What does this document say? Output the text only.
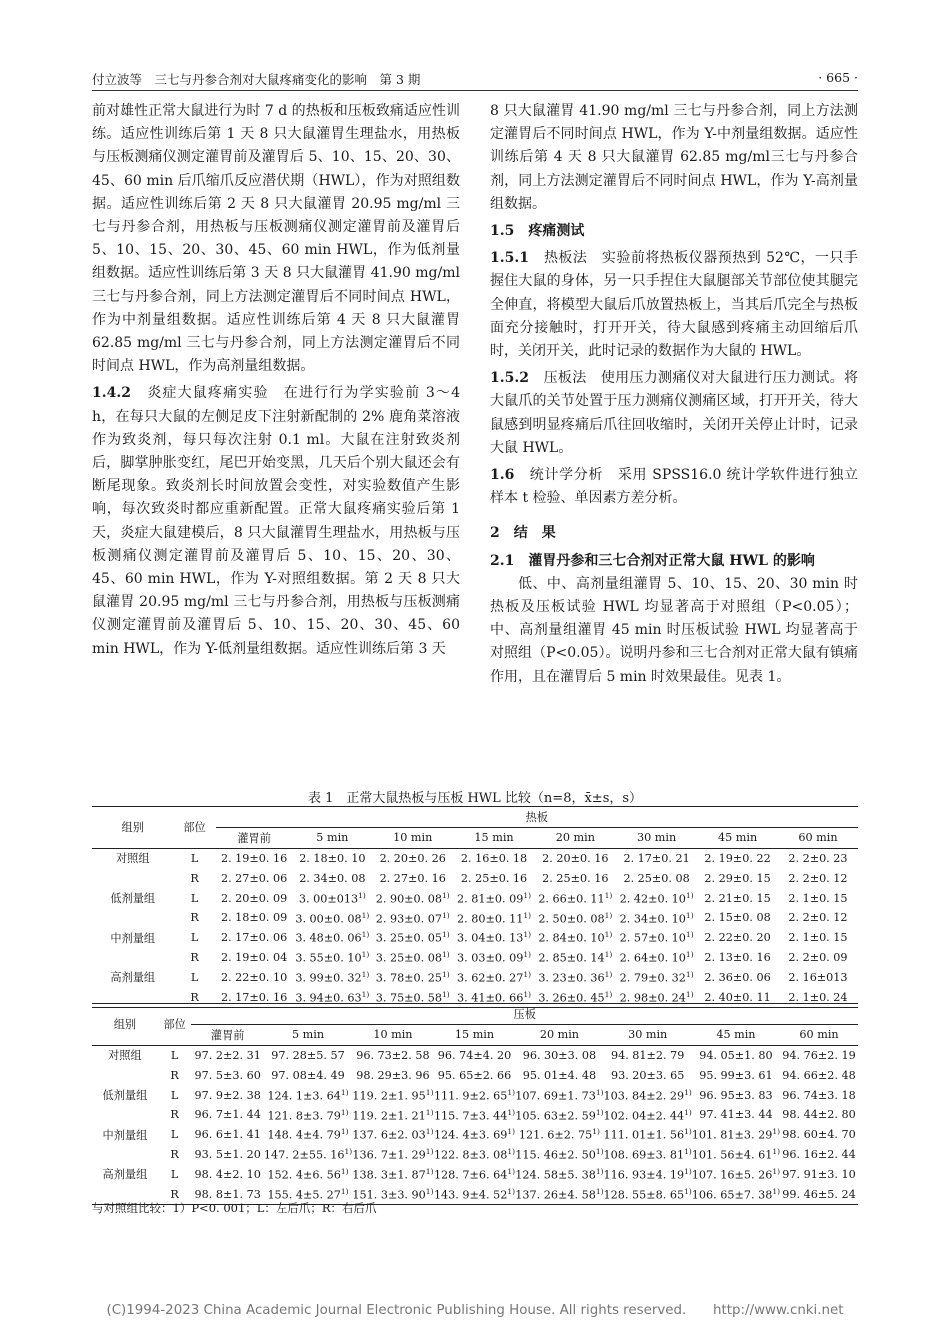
付立波等　三七与丹参合剂对大鼠疼痛变化的影响　第 3 期	· 665 ·

前对雄性正常大鼠进行为时 7 d 的热板和压板致痛适应性训练。适应性训练后第 1 天 8 只大鼠灌胃生理盐水，用热板与压板测痛仪测定灌胃前及灌胃后 5、10、15、20、30、45、60 min 后爪缩爪反应潜伏期（HWL），作为对照组数据。适应性训练后第 2 天 8 只大鼠灌胃 20.95 mg/ml 三七与丹参合剂，用热板与压板测痛仪测定灌胃前及灌胃后 5、10、15、20、30、45、60 min HWL，作为低剂量组数据。适应性训练后第 3 天 8 只大鼠灌胃 41.90 mg/ml 三七与丹参合剂，同上方法测定灌胃后不同时间点 HWL，作为中剂量组数据。适应性训练后第 4 天 8 只大鼠灌胃 62.85 mg/ml 三七与丹参合剂，同上方法测定灌胃后不同时间点 HWL，作为高剂量组数据。

1.4.2　炎症大鼠疼痛实验　在进行行为学实验前 3～4 h，在每只大鼠的左侧足皮下注射新配制的 2% 鹿角菜溶液作为致炎剂，每只每次注射 0.1 ml。大鼠在注射致炎剂后，脚掌肿胀变红，尾巴开始变黑，几天后个别大鼠还会有断尾现象。致炎剂长时间放置会变性，对实验数值产生影响，每次致炎时都应重新配置。正常大鼠疼痛实验后第 1 天，炎症大鼠建模后，8 只大鼠灌胃生理盐水，用热板与压板测痛仪测定灌胃前及灌胃后 5、10、15、20、30、45、60 min HWL，作为 Y-对照组数据。第 2 天 8 只大鼠灌胃 20.95 mg/ml 三七与丹参合剂，用热板与压板测痛仪测定灌胃前及灌胃后 5、10、15、20、30、45、60 min HWL，作为 Y-低剂量组数据。适应性训练后第 3 天

8 只大鼠灌胃 41.90 mg/ml 三七与丹参合剂，同上方法测定灌胃后不同时间点 HWL，作为 Y-中剂量组数据。适应性训练后第 4 天 8 只大鼠灌胃 62.85 mg/ml三七与丹参合剂，同上方法测定灌胃后不同时间点 HWL，作为 Y-高剂量组数据。

1.5　疼痛测试

1.5.1　热板法　实验前将热板仪器预热到 52℃，一只手握住大鼠的身体，另一只手捏住大鼠腿部关节部位使其腿完全伸直，将模型大鼠后爪放置热板上，当其后爪完全与热板面充分接触时，打开开关，待大鼠感到疼痛主动回缩后爪时，关闭开关，此时记录的数据作为大鼠的 HWL。

1.5.2　压板法　使用压力测痛仪对大鼠进行压力测试。将大鼠爪的关节处置于压力测痛仪测痛区域，打开开关，待大鼠感到明显疼痛后爪往回收缩时，关闭开关停止计时，记录大鼠 HWL。

1.6　统计学分析　采用 SPSS16.0 统计学软件进行独立样本 t 检验、单因素方差分析。

2　结　果

2.1　灌胃丹参和三七合剂对正常大鼠 HWL 的影响

低、中、高剂量组灌胃 5、10、15、20、30 min 时热板及压板试验 HWL 均显著高于对照组（P<0.05）；中、高剂量组灌胃 45 min 时压板试验 HWL 均显著高于对照组（P<0.05）。说明丹参和三七合剂对正常大鼠有镇痛作用，且在灌胃后 5 min 时效果最佳。见表 1。

表 1　正常大鼠热板与压板 HWL 比较（n=8，x̄±s，s）
组别	部位	热板							
		灌胃前	5 min	10 min	15 min	20 min	30 min	45 min	60 min
对照组	L	2. 19±0. 16	2. 18±0. 10	2. 20±0. 26	2. 16±0. 18	2. 20±0. 16	2. 17±0. 21	2. 19±0. 22	2. 2±0. 23
	R	2. 27±0. 06	2. 34±0. 08	2. 27±0. 16	2. 25±0. 16	2. 25±0. 16	2. 25±0. 08	2. 29±0. 15	2. 2±0. 12
低剂量组	L	2. 20±0. 09	3. $00\pm 013^{1)}$	2. 90±0. 08$^{1)}$	2. 81±0. 09$^{1)}$	2. 66±0. 11$^{1)}$	2. 42±0. 10$^{1)}$	2. 21±0. 15	2. 1±0. 15
	R	2. 18±0. 09	3. 00±0. 08$^{1)}$	2. 93±0. 07$^{1)}$	2. 80±0. 11$^{1)}$	2. 50±0. 08$^{1)}$	2. 34±0. 10$^{1)}$	2. 15±0. 08	2. 2±0. 12
中剂量组	L	2. 17±0. 06	3. 48±0. 06$^{1)}$	3. 25±0. 05$^{1)}$	3. 04±0. 13$^{1)}$	2. 84±0. 10$^{1)}$	2. 57±0. 10$^{1)}$	2. 22±0. 20	2. 1±0. 15
	R	2. 19±0. 04	3. 55±0. 10$^{1)}$	3. 25±0. 08$^{1)}$	3. 03±0. 09$^{1)}$	2. 85±0. 14$^{1)}$	2. 64±0. 10$^{1)}$	2. 13±0. 16	2. 2±0. 09
高剂量组	L	2. 22±0. 10	3. 99±0. 32$^{1)}$	3. 78±0. 25$^{1)}$	3. 62±0. 27$^{1)}$	3. 23±0. 36$^{1)}$	2. 79±0. 32$^{1)}$	2. 36±0. 06	2. 16±013
	R	2. 17±0. 16	3. 94±0. 63$^{1)}$	3. 75±0. 58$^{1)}$	3. 41±0. 66$^{1)}$	3. 26±0. 45$^{1)}$	2. 98±0. 24$^{1)}$	2. 40±0. 11	2. 1±0. 24
组别	部位	压板							
		灌胃前	5 min	10 min	15 min	20 min	30 min	45 min	60 min
对照组	L	97. 2±2. 31	97. 28±5. 57	96. 73±2. 58	96. 74±4. 20	96. 30±3. 08	94. 81±2. 79	94. 05±1. 80	94. 76±2. 19
	R	97. 5±3. 60	97. 08±4. 49	98. 29±3. 96	95. 65±2. 66	95. 01±4. 48	93. 20±3. 65	95. 99±3. 61	94. 66±2. 48
低剂量组	L	97. 9±2. 38	124. 1±3. 64$^{1)}$	119. 2±1. 95$^{1)}$	111. 9±2. 65$^{1)}$	107. 69±1. 73$^{1)}$	103. 84±2. 29$^{1)}$	96. 95±3. 83	96. 74±3. 18
	R	96. 7±1. 44	121. 8±3. 79$^{1)}$	119. 2±1. 21$^{1)}$	115. 7±3. 44$^{1)}$	105. 63±2. 59$^{1)}$	102. 04±2. 44$^{1)}$	97. 41±3. 44	98. 44±2. 80
中剂量组	L	96. 6±1. 41	148. 4±4. 79$^{1)}$	137. 6±2. 03$^{1)}$	124. 4±3. 69$^{1)}$	121. 6±2. 75$^{1)}$	111. 01±1. 56$^{1)}$	101. 81±3. 29$^{1)}$	98. 60±4. 70
	R	93. 5±1. 20	147. 2±55. 16$^{1)}$	136. 7±1. 29$^{1)}$	122. 8±3. 08$^{1)}$	115. 46±2. 50$^{1)}$	108. 69±3. 81$^{1)}$	101. 56±4. 61$^{1)}$	96. 16±2. 44
高剂量组	L	98. 4±2. 10	152. 4±6. 56$^{1)}$	138. 3±1. 87$^{1)}$	128. 7±6. 64$^{1)}$	124. 58±5. 38$^{1)}$	116. 93±4. 19$^{1)}$	107. 16±5. 26$^{1)}$	97. 91±3. 10
	R	98. 8±1. 73	155. 4±5. 27$^{1)}$	151. 3±3. 90$^{1)}$	143. 9±4. 52$^{1)}$	137. 26±4. 58$^{1)}$	128. 55±8. 65$^{1)}$	106. 65±7. 38$^{1)}$	99. 46±5. 24
与对照组比较：1）P<0. 001；L：左后爪；R：右后爪
(C)1994-2023 China Academic Journal Electronic Publishing House. All rights reserved.　　http://www.cnki.net
